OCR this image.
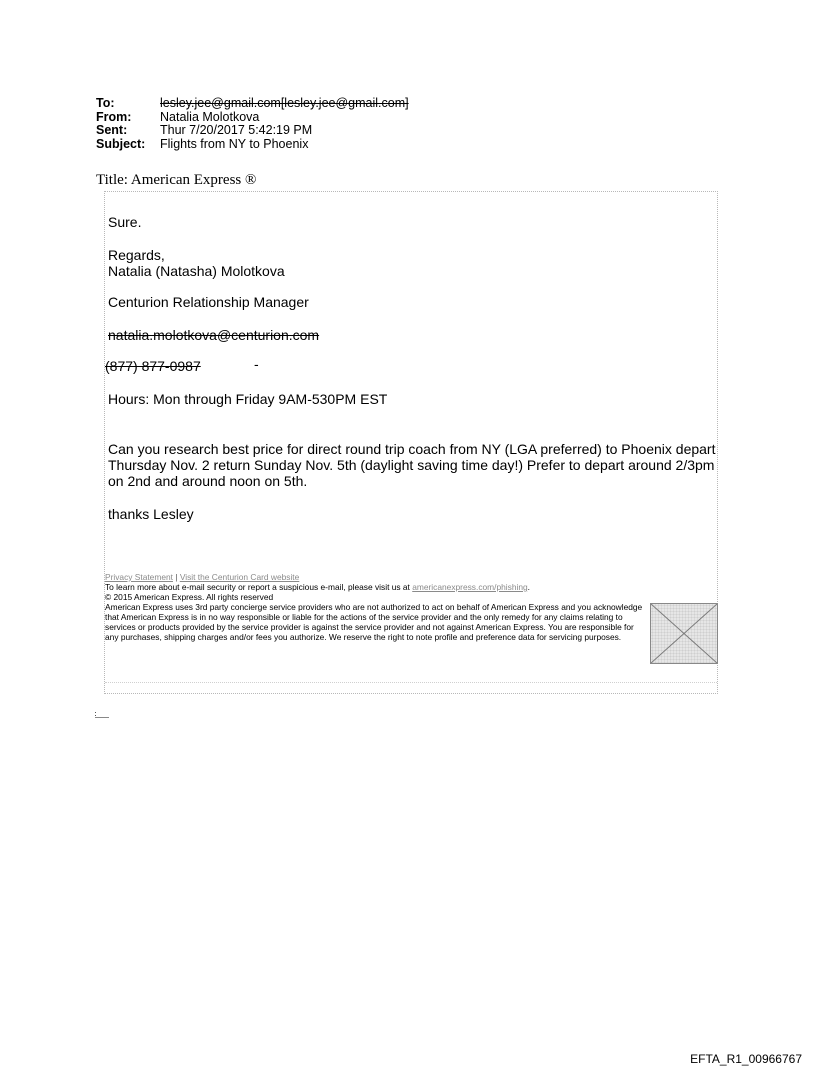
To:	lesley.jee@gmail.com[lesley.jee@gmail.com]
From:	Natalia Molotkova
Sent:	Thur 7/20/2017 5:42:19 PM
Subject:	Flights from NY to Phoenix
Title: American Express ®
Sure.
Regards,
Natalia (Natasha) Molotkova
Centurion Relationship Manager
natalia.molotkova@centurion.com
(877) 877-0987	-
Hours: Mon through Friday 9AM-530PM EST
Can you research best price for direct round trip coach from NY (LGA preferred) to Phoenix depart
Thursday Nov. 2 return Sunday Nov. 5th (daylight saving time day!) Prefer to depart around 2/3pm
on 2nd and around noon on 5th.
thanks Lesley
Privacy Statement | Visit the Centurion Card website
To learn more about e-mail security or report a suspicious e-mail, please visit us at americanexpress.com/phishing.
© 2015 American Express. All rights reserved
American Express uses 3rd party concierge service providers who are not authorized to act on behalf of American Express and you acknowledge that American Express is in no way responsible or liable for the actions of the service provider and the only remedy for any claims relating to services or products provided by the service provider is against the service provider and not against American Express. You are responsible for any purchases, shipping charges and/or fees you authorize. We reserve the right to note profile and preference data for servicing purposes.
EFTA_R1_00966767
